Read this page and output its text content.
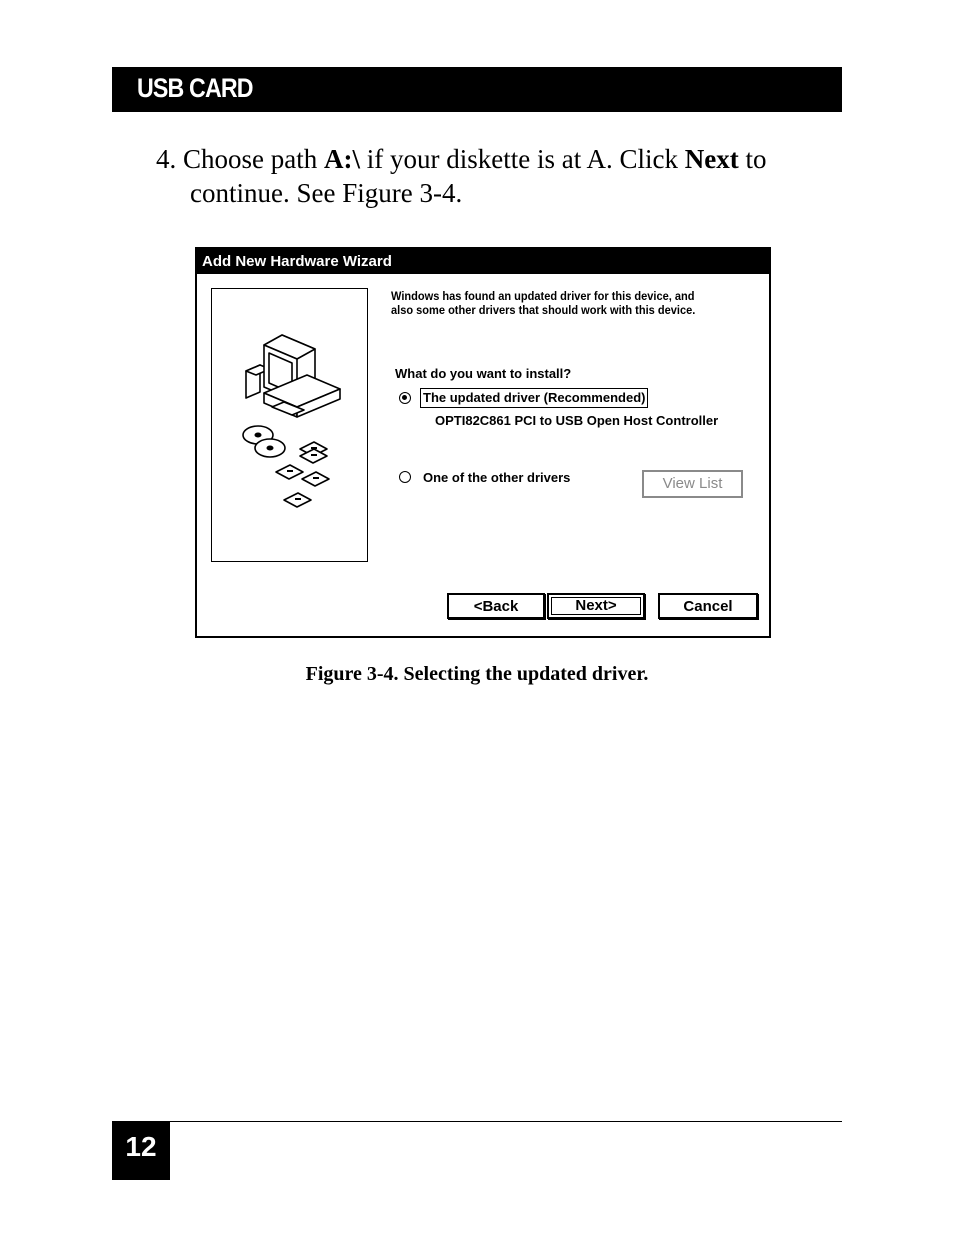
USB CARD
4. Choose path A:\ if your diskette is at A. Click Next to
continue. See Figure 3-4.
Add New Hardware Wizard
Windows has found an updated driver for this device, and
also some other drivers that should work with this device.
What do you want to install?
The updated driver (Recommended)
OPTI82C861 PCI to USB Open Host Controller
One of the other drivers	View List
<Back	Next>	Cancel
Figure 3-4. Selecting the updated driver.
12
